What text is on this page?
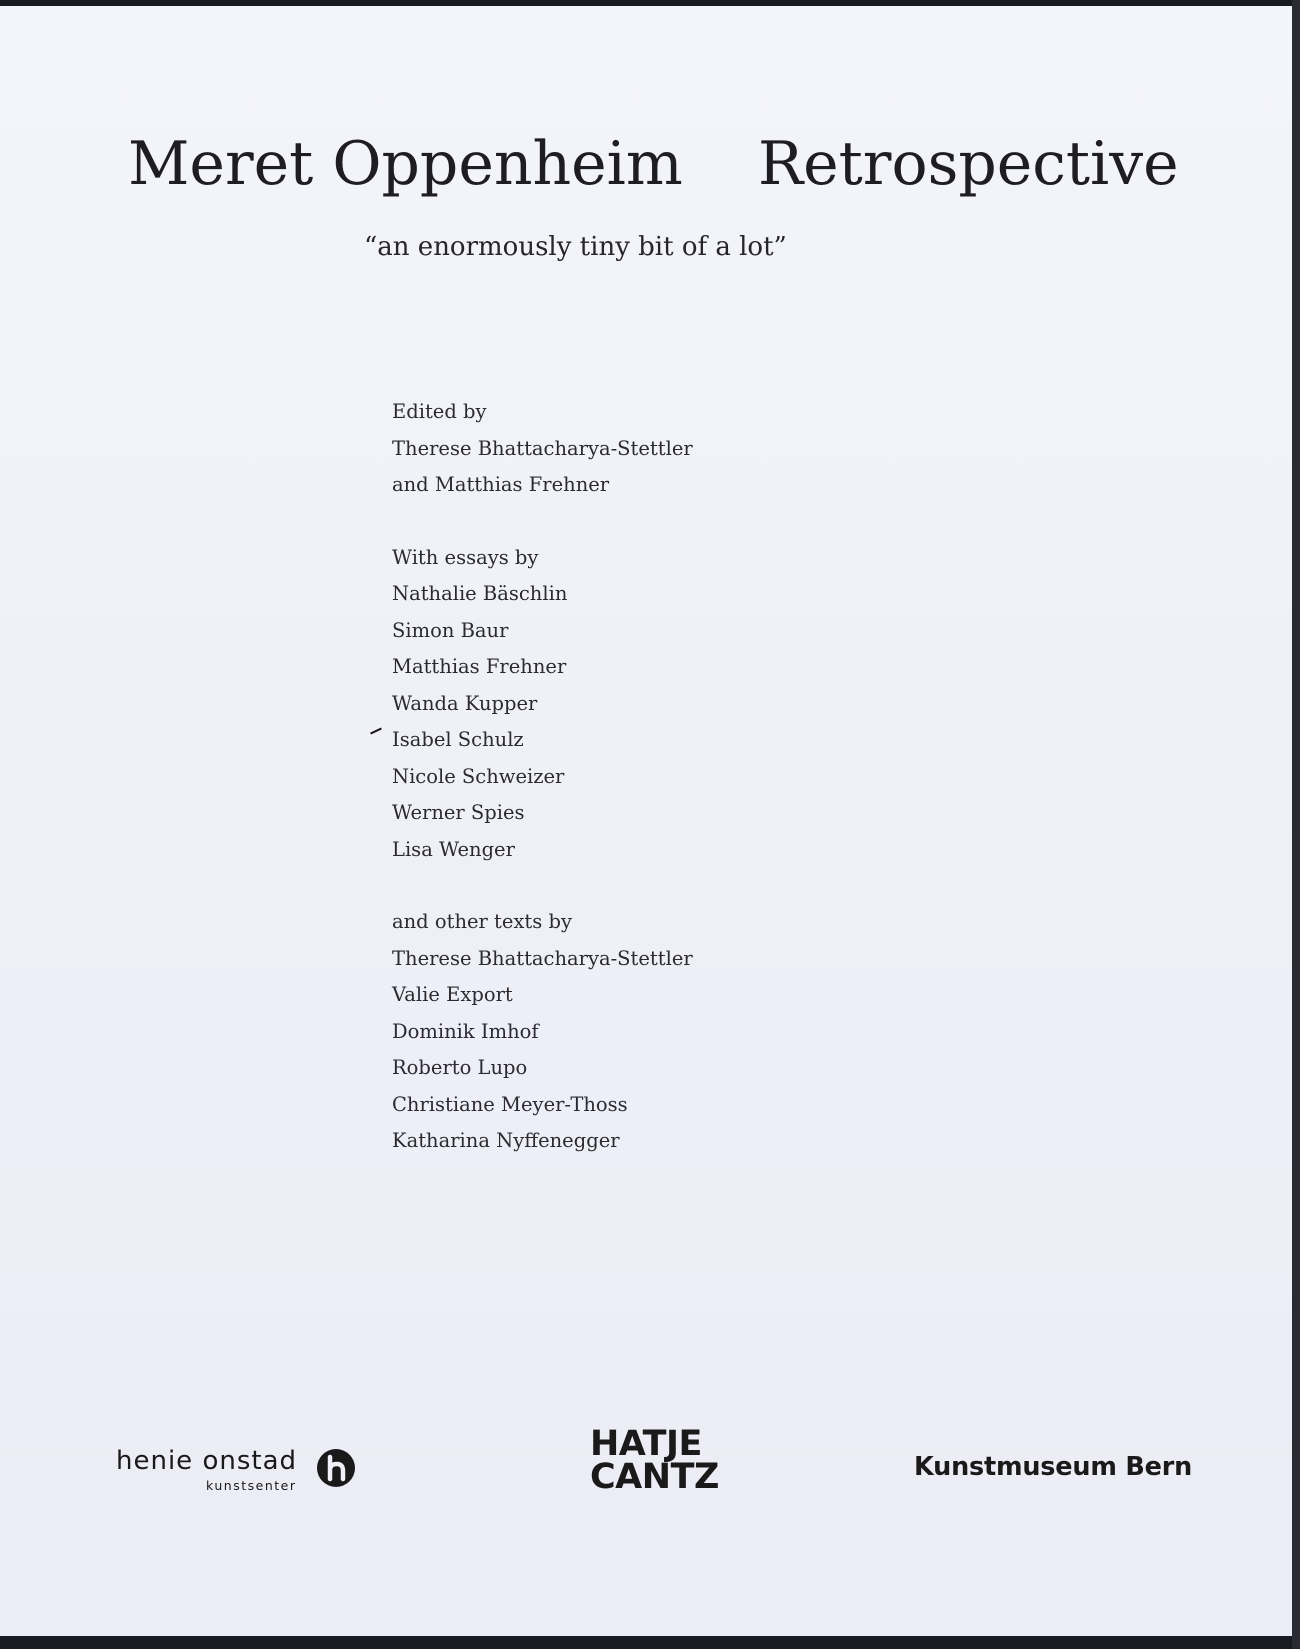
Meret Oppenheim Retrospective
“an enormously tiny bit of a lot”
Edited by
Therese Bhattacharya-Stettler
and Matthias Frehner
With essays by
Nathalie Bäschlin
Simon Baur
Matthias Frehner
Wanda Kupper
Isabel Schulz
Nicole Schweizer
Werner Spies
Lisa Wenger
and other texts by
Therese Bhattacharya-Stettler
Valie Export
Dominik Imhof
Roberto Lupo
Christiane Meyer-Thoss
Katharina Nyffenegger
henie onstad
kunstsenter
HATJE
CANTZ	Kunstmuseum Bern
